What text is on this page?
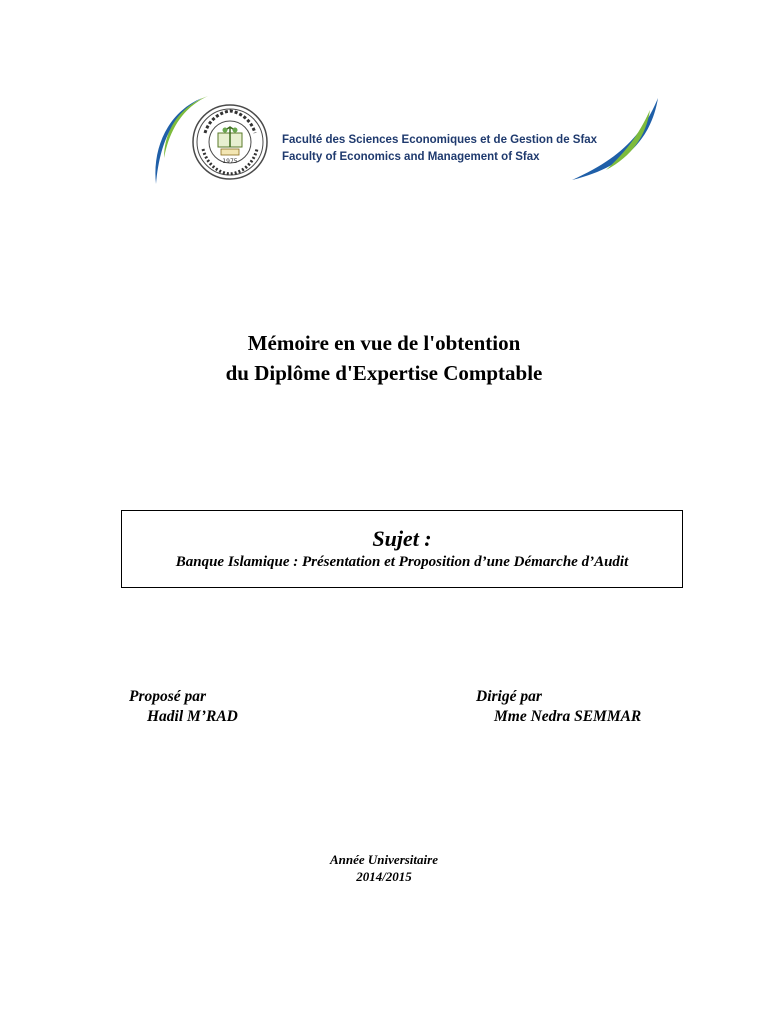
1975
Faculté des Sciences Economiques et de Gestion de Sfax
Faculty of Economics and Management of Sfax
Mémoire en vue de l'obtention
du Diplôme d'Expertise Comptable
Sujet :
Banque Islamique : Présentation et Proposition d’une Démarche d’Audit
Proposé par
Hadil M’RAD
Dirigé par
Mme Nedra SEMMAR
Année Universitaire
2014/2015
